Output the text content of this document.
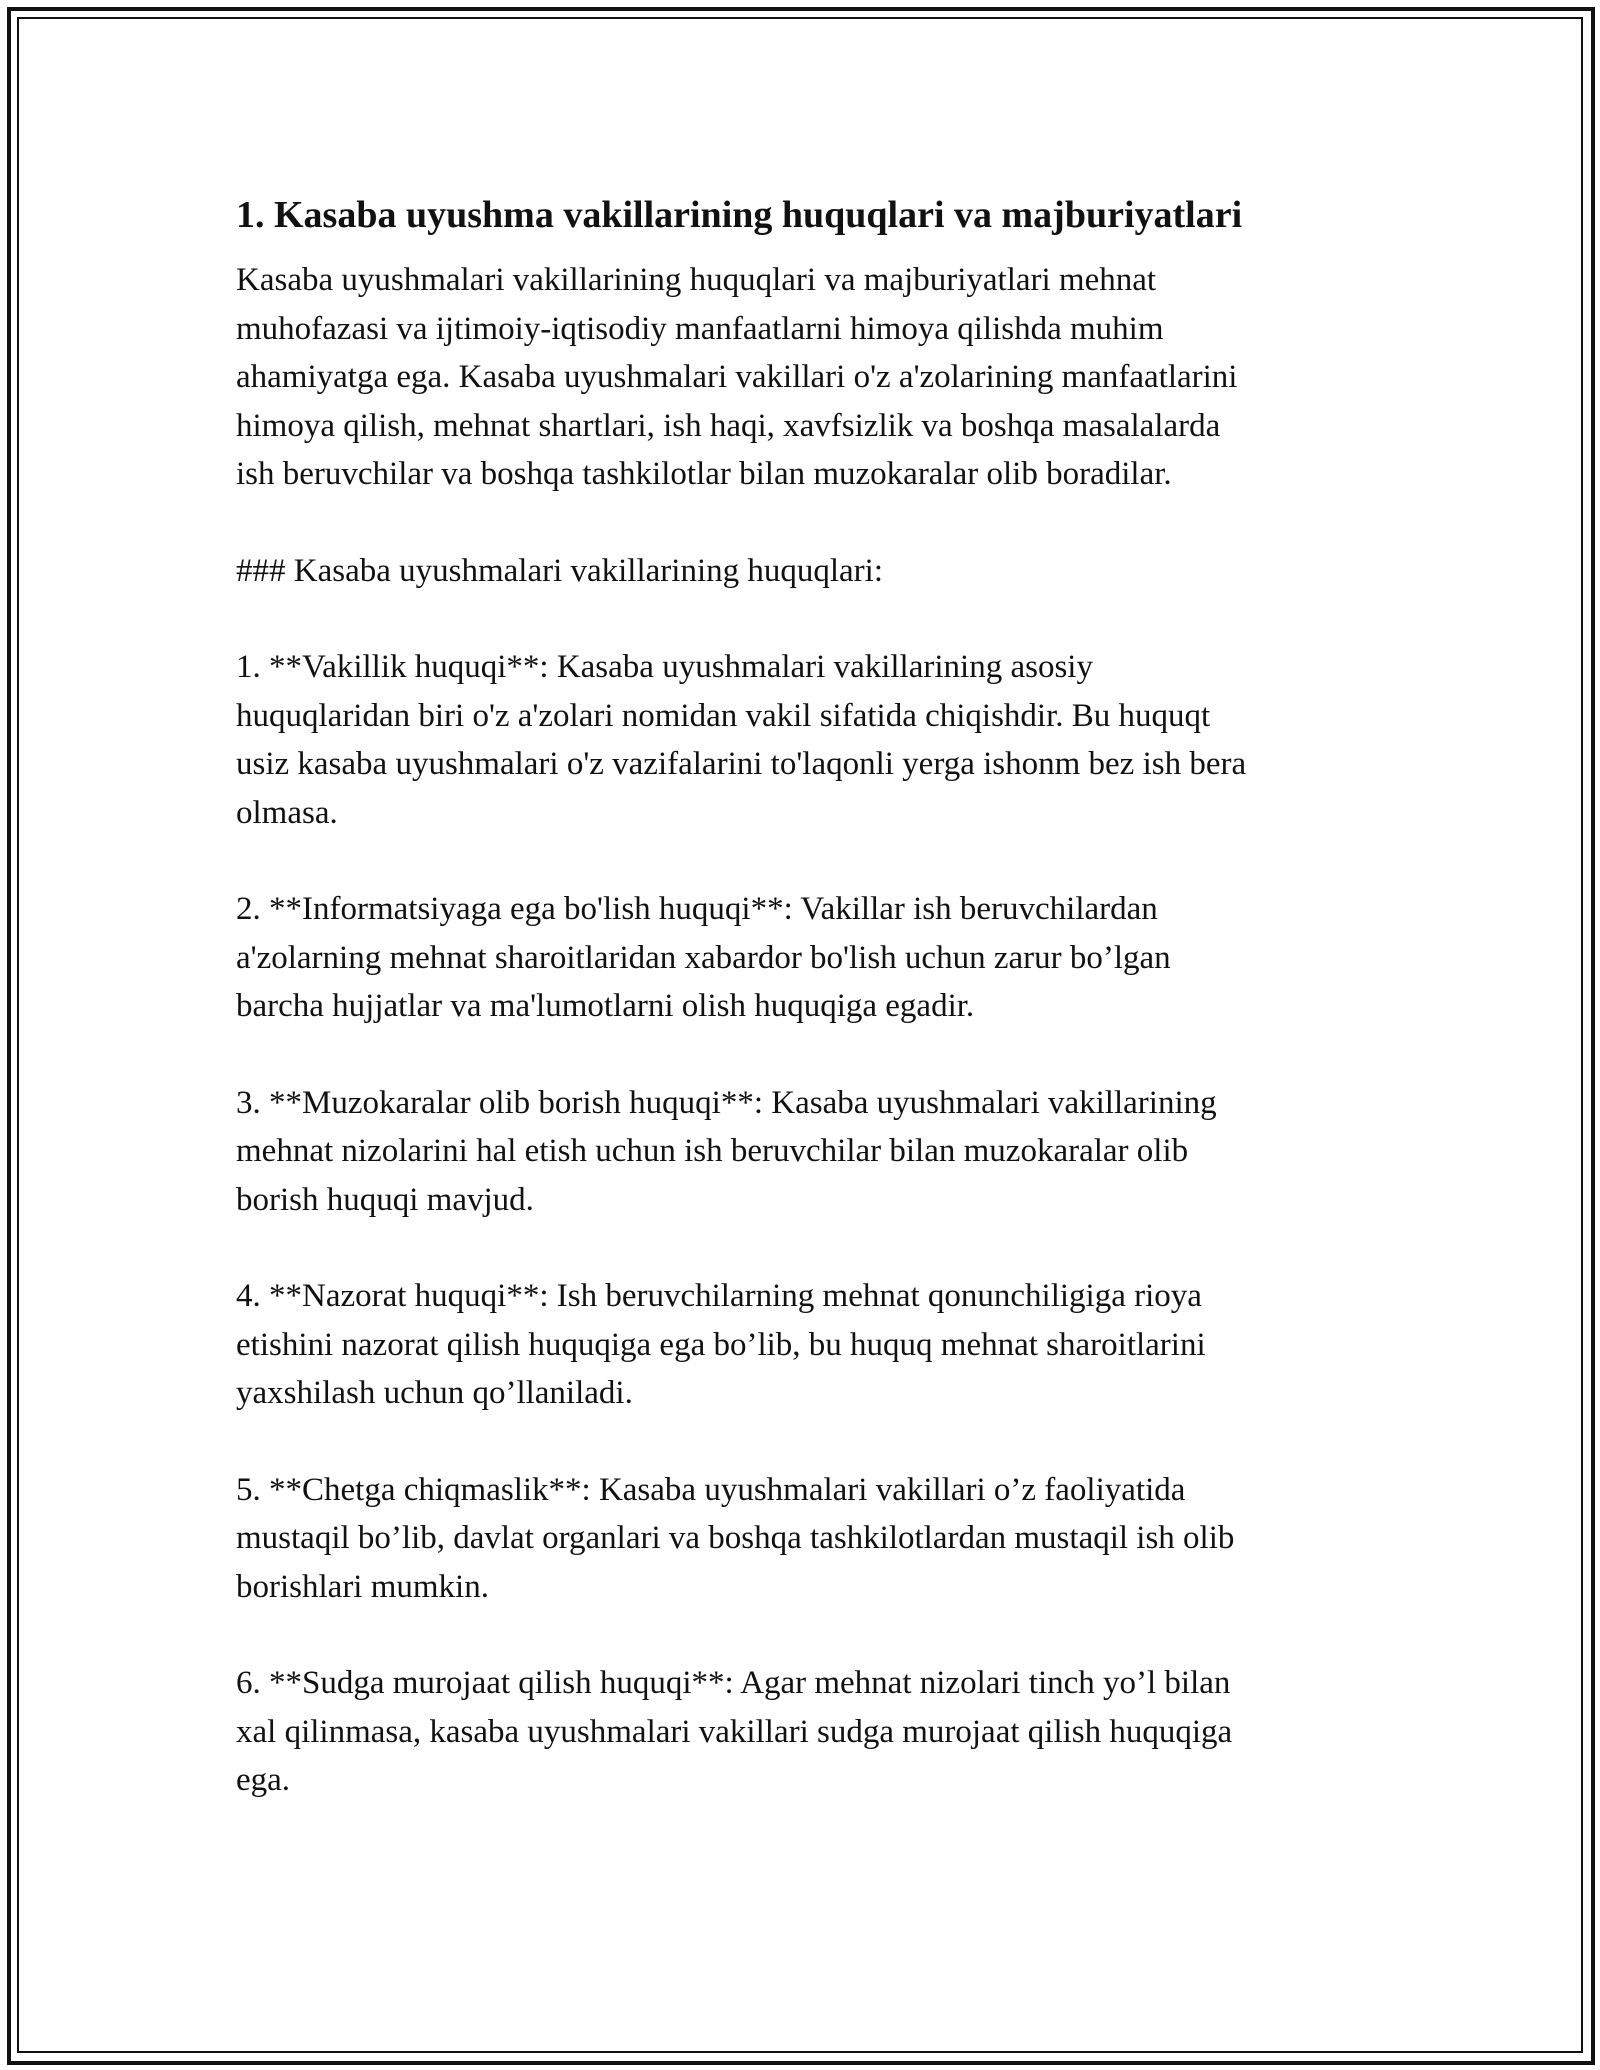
1. Kasaba uyushma vakillarining huquqlari va majburiyatlari

Kasaba uyushmalari vakillarining huquqlari va majburiyatlari mehnat
muhofazasi va ijtimoiy-iqtisodiy manfaatlarni himoya qilishda muhim
ahamiyatga ega. Kasaba uyushmalari vakillari o'z a'zolarining manfaatlarini
himoya qilish, mehnat shartlari, ish haqi, xavfsizlik va boshqa masalalarda
ish beruvchilar va boshqa tashkilotlar bilan muzokaralar olib boradilar.

### Kasaba uyushmalari vakillarining huquqlari:

1. **Vakillik huquqi**: Kasaba uyushmalari vakillarining asosiy
huquqlaridan biri o'z a'zolari nomidan vakil sifatida chiqishdir. Bu huquqt
usiz kasaba uyushmalari o'z vazifalarini to'laqonli yerga ishonm bez ish bera
olmasa.

2. **Informatsiyaga ega bo'lish huquqi**: Vakillar ish beruvchilardan
a'zolarning mehnat sharoitlaridan xabardor bo'lish uchun zarur bo’lgan
barcha hujjatlar va ma'lumotlarni olish huquqiga egadir.

3. **Muzokaralar olib borish huquqi**: Kasaba uyushmalari vakillarining
mehnat nizolarini hal etish uchun ish beruvchilar bilan muzokaralar olib
borish huquqi mavjud.

4. **Nazorat huquqi**: Ish beruvchilarning mehnat qonunchiligiga rioya
etishini nazorat qilish huquqiga ega bo’lib, bu huquq mehnat sharoitlarini
yaxshilash uchun qo’llaniladi.

5. **Chetga chiqmaslik**: Kasaba uyushmalari vakillari o’z faoliyatida
mustaqil bo’lib, davlat organlari va boshqa tashkilotlardan mustaqil ish olib
borishlari mumkin.

6. **Sudga murojaat qilish huquqi**: Agar mehnat nizolari tinch yo’l bilan
xal qilinmasa, kasaba uyushmalari vakillari sudga murojaat qilish huquqiga
ega.
